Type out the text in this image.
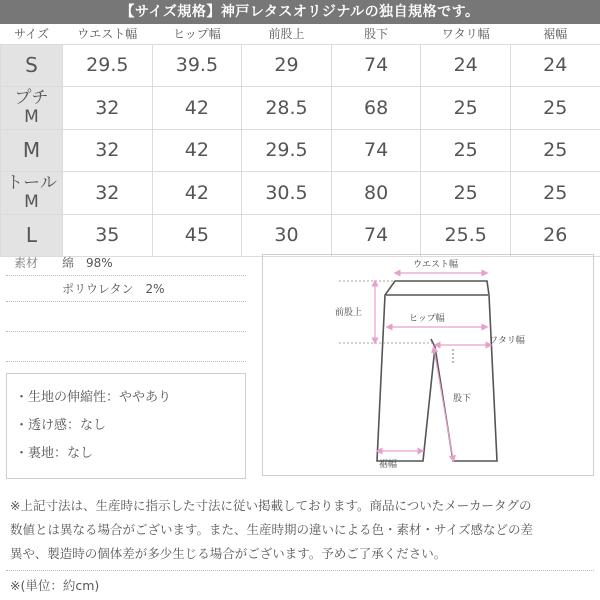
【サイズ規格】神戸レタスオリジナルの独自規格です。
サイズ	ウエスト幅	ヒップ幅	前股上	股下	ワタリ幅	裾幅
S	29.5	39.5	29	74	24	24
プチ
M	32	42	28.5	68	25	25
M	32	42	29.5	74	25	25
トール
M	32	42	30.5	80	25	25
L	35	45	30	74	25.5	26
素材 綿　98%
ポリウレタン　2%
・生地の伸縮性：ややあり
・透け感：なし
・裏地：なし
ウエスト幅
前股上
ヒップ幅
ワタリ幅
股下
裾幅
※上記寸法は、生産時に指示した寸法に従い掲載しております。商品についたメーカータグの
数値とは異なる場合がございます。また、生産時期の違いによる色・素材・サイズ感などの差
異や、製造時の個体差が多少生じる場合がございます。予めご了承ください。
※(単位：約cm)
